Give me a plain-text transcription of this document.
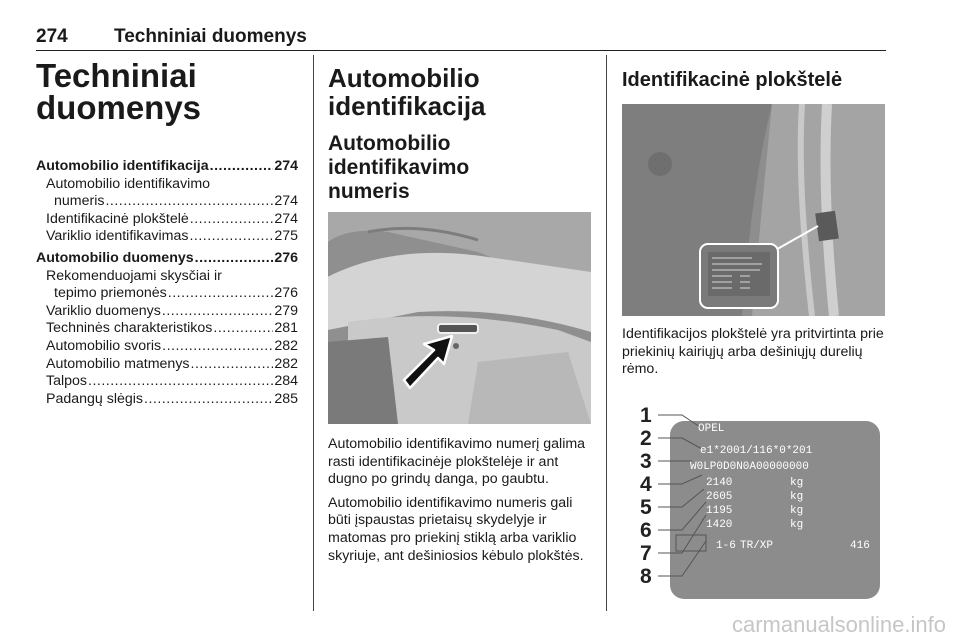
274 Techniniai duomenys
Techniniai
duomenys
Automobilio identifikacija .....	274
Automobilio identifikavimo
numeris .....	274
Identifikacinė plokštelė .....	274
Variklio identifikavimas .....	275
Automobilio duomenys .....	276
Rekomenduojami skysčiai ir
tepimo priemonės .....	276
Variklio duomenys .....	279
Techninės charakteristikos .....	281
Automobilio svoris .....	282
Automobilio matmenys .....	282
Talpos .....	284
Padangų slėgis .....	285
Automobilio
identifikacija
Automobilio identifikavimo
numeris

Automobilio identifikavimo numerį galima rasti identifikacinėje plokštelėje ir ant dugno po grindų danga, po gaubtu.

Automobilio identifikavimo numeris gali būti įspaustas prietaisų skydelyje ir matomas pro priekinį stiklą arba variklio skyriuje, ant dešiniosios kėbulo plokštės.

Identifikacinė plokštelė

Identifikacijos plokštelė yra pritvirtinta prie priekinių kairiųjų arba dešiniųjų durelių rėmo.

1
2
3
4
5
6
7
8
OPEL
e1*2001/116*0*201
W0LP0D0N0A00000000
2140	kg
2605	kg
1195	kg
1420	kg
1-6 TR/XP	416
carmanualsonline.info
